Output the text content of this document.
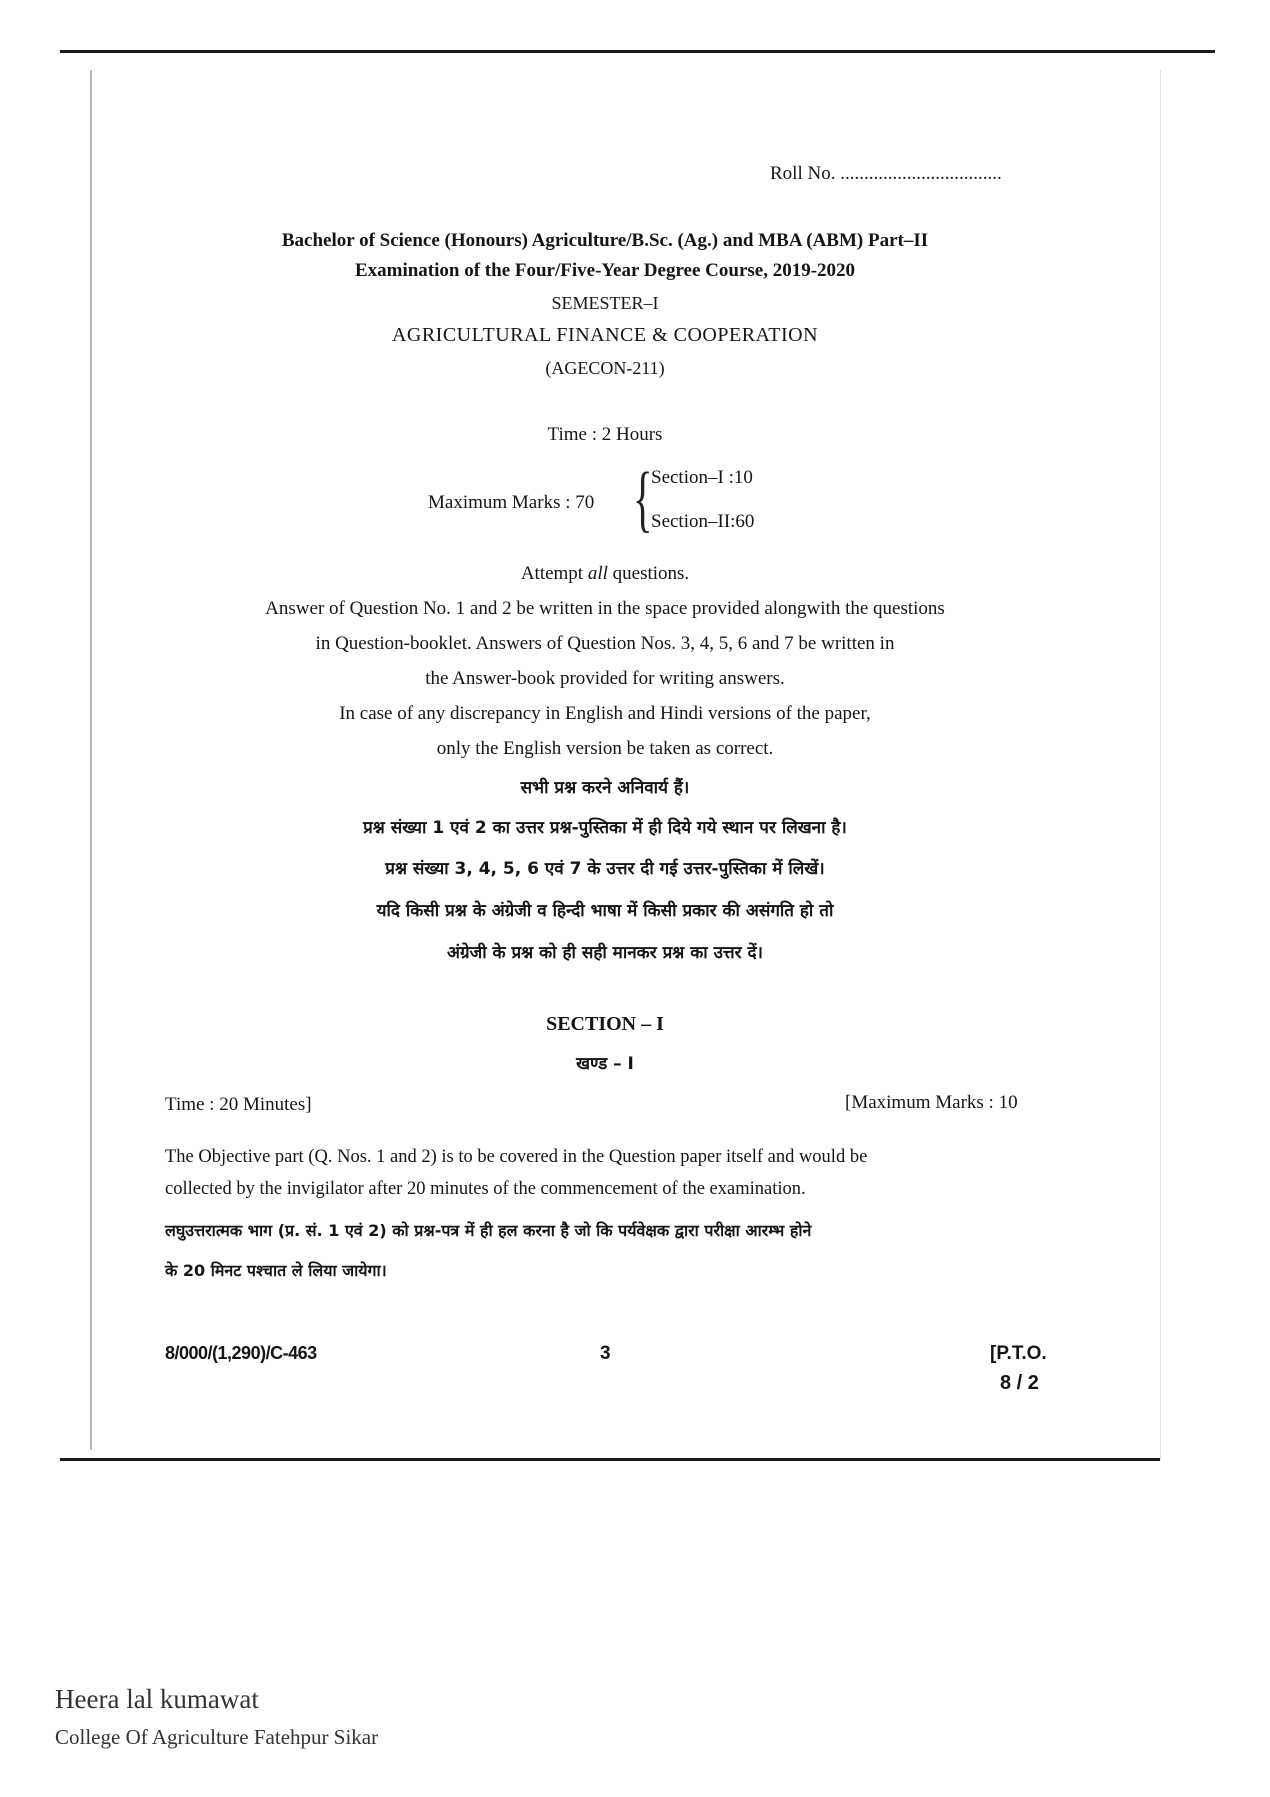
Roll No. ..................................
Bachelor of Science (Honours) Agriculture/B.Sc. (Ag.) and MBA (ABM) Part–II
Examination of the Four/Five-Year Degree Course, 2019-2020
SEMESTER–I
AGRICULTURAL FINANCE & COOPERATION
(AGECON-211)
Time : 2 Hours
Maximum Marks : 70 {
Section–I :10
Section–II:60
Attempt all questions.
Answer of Question No. 1 and 2 be written in the space provided alongwith the questions
in Question-booklet. Answers of Question Nos. 3, 4, 5, 6 and 7 be written in
the Answer-book provided for writing answers.
In case of any discrepancy in English and Hindi versions of the paper,
only the English version be taken as correct.
सभी प्रश्न करने अनिवार्य हैं।
प्रश्न संख्या 1 एवं 2 का उत्तर प्रश्न-पुस्तिका में ही दिये गये स्थान पर लिखना है।
प्रश्न संख्या 3, 4, 5, 6 एवं 7 के उत्तर दी गई उत्तर-पुस्तिका में लिखें।
यदि किसी प्रश्न के अंग्रेजी व हिन्दी भाषा में किसी प्रकार की असंगति हो तो
अंग्रेजी के प्रश्न को ही सही मानकर प्रश्न का उत्तर दें।
SECTION – I
खण्ड – I
Time : 20 Minutes]	[Maximum Marks : 10
The Objective part (Q. Nos. 1 and 2) is to be covered in the Question paper itself and would be
collected by the invigilator after 20 minutes of the commencement of the examination.
लघुउत्तरात्मक भाग (प्र. सं. 1 एवं 2) को प्रश्न-पत्र में ही हल करना है जो कि पर्यवेक्षक द्वारा परीक्षा आरम्भ होने
के 20 मिनट पश्चात ले लिया जायेगा।
8/000/(1,290)/C-463	3	[P.T.O.
8 / 2
Heera lal kumawat
College Of Agriculture Fatehpur Sikar
